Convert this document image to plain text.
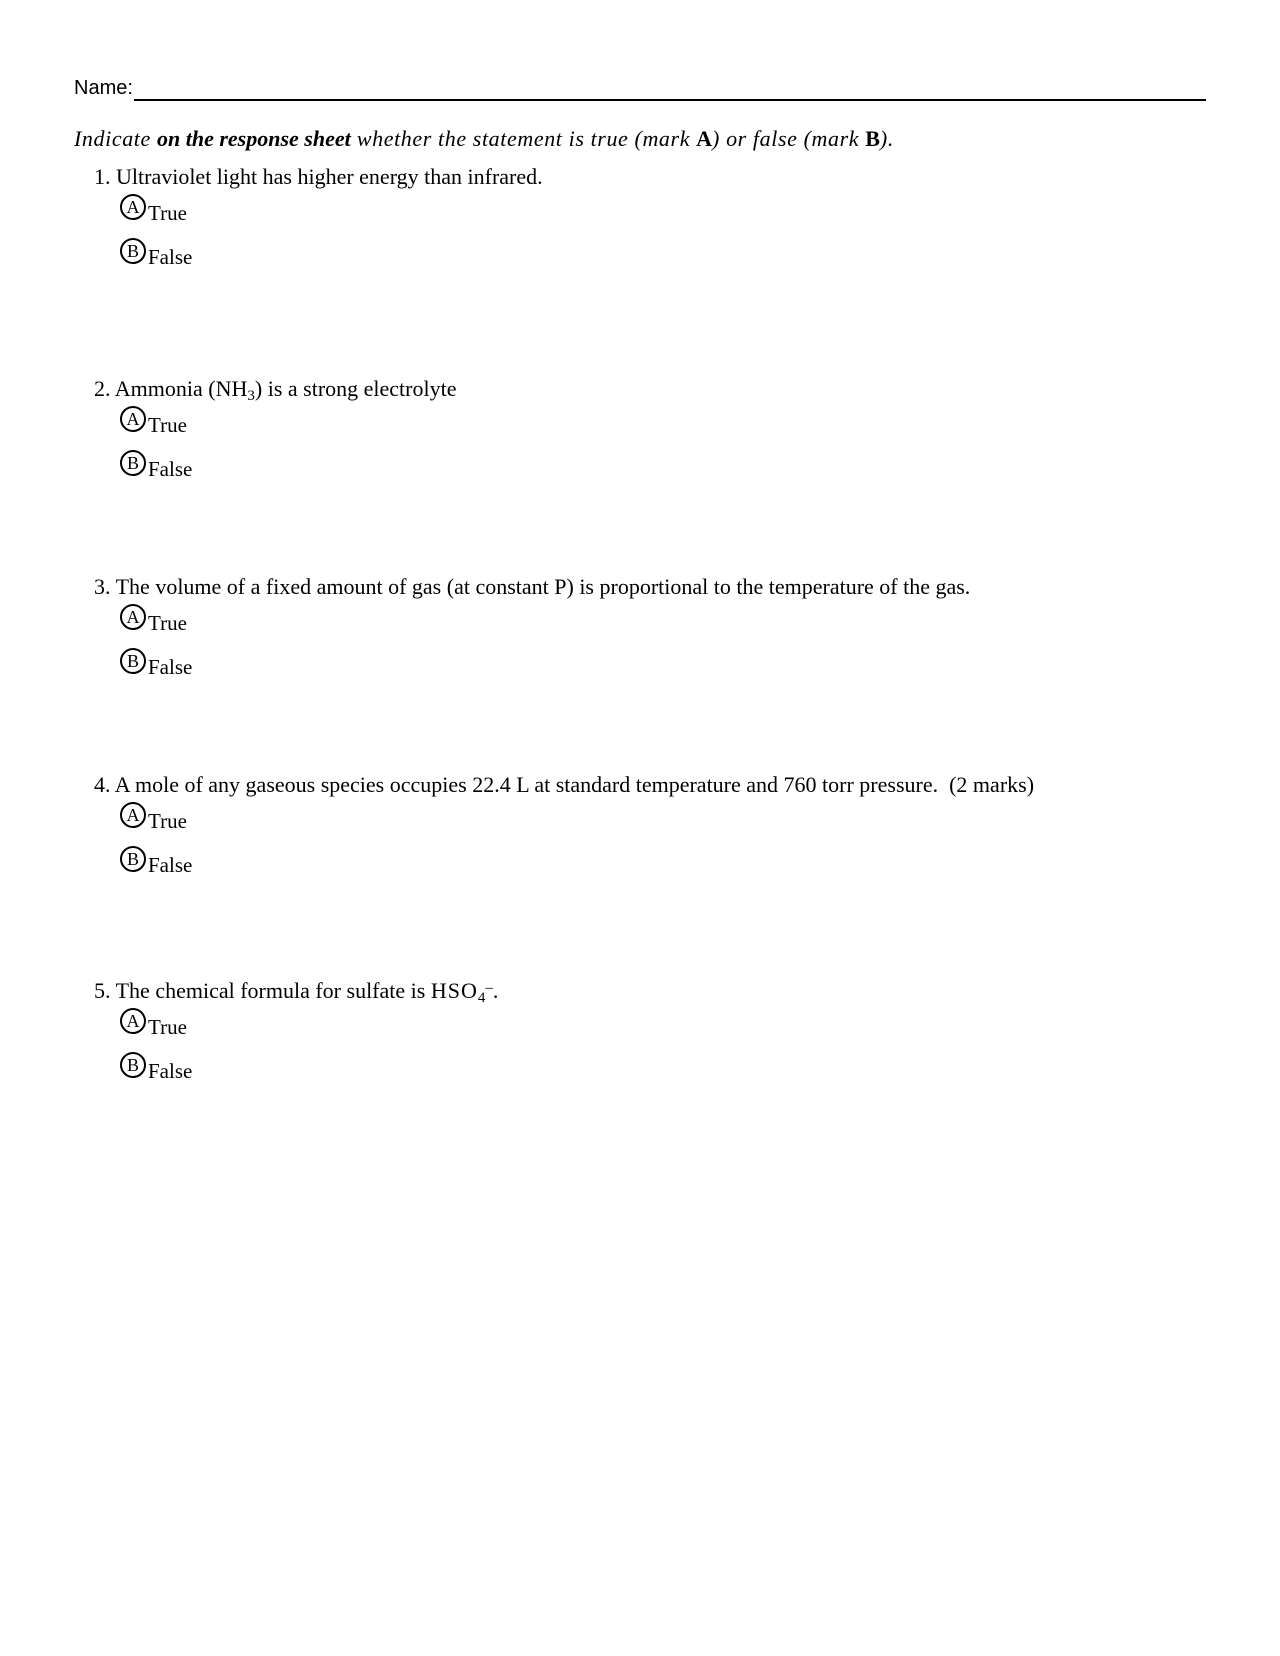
Name:
Indicate on the response sheet whether the statement is true (mark A) or false (mark B).
1. Ultraviolet light has higher energy than infrared.
A True
B False
2. Ammonia $(NH_3)$ is a strong electrolyte
A True
B False
3. The volume of a fixed amount of gas (at constant P) is proportional to the temperature of the gas.
A True
B False
4. A mole of any gaseous species occupies 22.4 L at standard temperature and 760 torr pressure.  (2 marks)
A True
B False
5. The chemical formula for sulfate is $HSO_4^-$.
A True
B False
